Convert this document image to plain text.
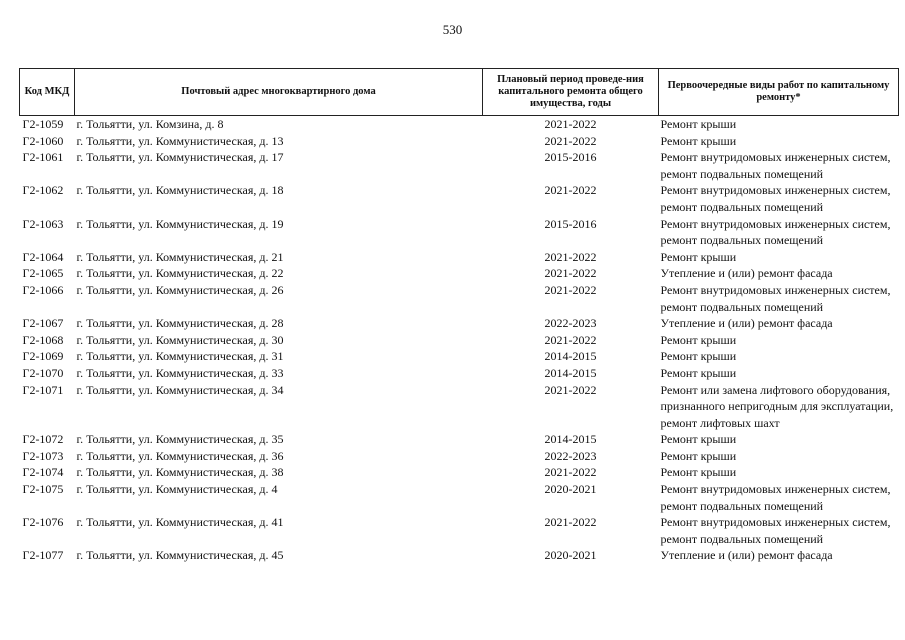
530
Код МКД	Почтовый адрес многоквартирного дома	Плановый период проведе-ния капитального ремонта общего имущества, годы	Первоочередные виды работ по капитальному ремонту*
Г2-1059	г. Тольятти, ул. Комзина, д. 8	2021-2022	Ремонт крыши

Г2-1060	г. Тольятти, ул. Коммунистическая, д. 13	2021-2022	Ремонт крыши

Г2-1061	г. Тольятти, ул. Коммунистическая, д. 17	2015-2016	Ремонт внутридомовых инженерных систем,
ремонт подвальных помещений

Г2-1062	г. Тольятти, ул. Коммунистическая, д. 18	2021-2022	Ремонт внутридомовых инженерных систем,
ремонт подвальных помещений

Г2-1063	г. Тольятти, ул. Коммунистическая, д. 19	2015-2016	Ремонт внутридомовых инженерных систем,
ремонт подвальных помещений

Г2-1064	г. Тольятти, ул. Коммунистическая, д. 21	2021-2022	Ремонт крыши

Г2-1065	г. Тольятти, ул. Коммунистическая, д. 22	2021-2022	Утепление и (или) ремонт фасада

Г2-1066	г. Тольятти, ул. Коммунистическая, д. 26	2021-2022	Ремонт внутридомовых инженерных систем,
ремонт подвальных помещений

Г2-1067	г. Тольятти, ул. Коммунистическая, д. 28	2022-2023	Утепление и (или) ремонт фасада

Г2-1068	г. Тольятти, ул. Коммунистическая, д. 30	2021-2022	Ремонт крыши

Г2-1069	г. Тольятти, ул. Коммунистическая, д. 31	2014-2015	Ремонт крыши

Г2-1070	г. Тольятти, ул. Коммунистическая, д. 33	2014-2015	Ремонт крыши

Г2-1071	г. Тольятти, ул. Коммунистическая, д. 34	2021-2022	Ремонт или замена лифтового оборудования,
признанного непригодным для эксплуатации,
ремонт лифтовых шахт

Г2-1072	г. Тольятти, ул. Коммунистическая, д. 35	2014-2015	Ремонт крыши

Г2-1073	г. Тольятти, ул. Коммунистическая, д. 36	2022-2023	Ремонт крыши

Г2-1074	г. Тольятти, ул. Коммунистическая, д. 38	2021-2022	Ремонт крыши

Г2-1075	г. Тольятти, ул. Коммунистическая, д. 4	2020-2021	Ремонт внутридомовых инженерных систем,
ремонт подвальных помещений

Г2-1076	г. Тольятти, ул. Коммунистическая, д. 41	2021-2022	Ремонт внутридомовых инженерных систем,
ремонт подвальных помещений

Г2-1077	г. Тольятти, ул. Коммунистическая, д. 45	2020-2021	Утепление и (или) ремонт фасада
